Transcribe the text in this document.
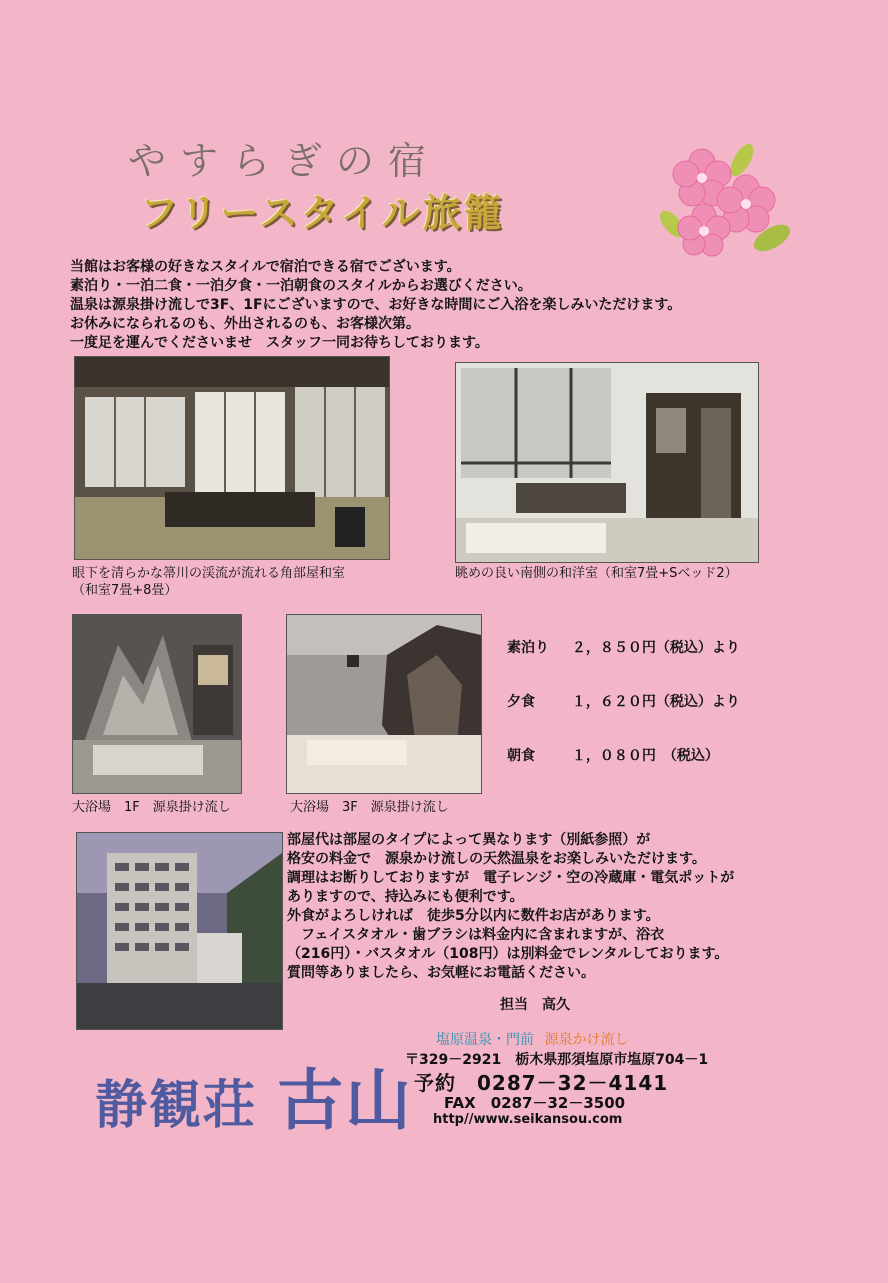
やすらぎの宿
フリースタイル旅籠
当館はお客様の好きなスタイルで宿泊できる宿でございます。
素泊り・一泊二食・一泊夕食・一泊朝食のスタイルからお選びください。
温泉は源泉掛け流しで3F、1Fにございますので、お好きな時間にご入浴を楽しみいただけます。
お休みになられるのも、外出されるのも、お客様次第。
一度足を運んでくださいませ　スタッフ一同お待ちしております。
眼下を清らかな箒川の渓流が流れる角部屋和室
（和室7畳+8畳）
眺めの良い南側の和洋室（和室7畳+Sベッド2）
大浴場　1F　源泉掛け流し	大浴場　3F　源泉掛け流し
素泊り ２，８５０円（税込）より
夕食	１，６２０円（税込）より
朝食	１，０８０円　（税込）
部屋代は部屋のタイプによって異なります（別紙参照）が
格安の料金で　源泉かけ流しの天然温泉をお楽しみいただけます。
調理はお断りしておりますが　電子レンジ・空の冷蔵庫・電気ポットが
ありますので、持込みにも便利です。
外食がよろしければ　徒歩5分以内に数件お店があります。
　フェイスタオル・歯ブラシは料金内に含まれますが、浴衣
（216円）・バスタオル（108円）は別料金でレンタルしております。
質問等ありましたら、お気軽にお電話ください。
担当　高久
塩原温泉・門前 源泉かけ流し
〒329－2921　栃木県那須塩原市塩原704－1
予約　0287－32－4141
FAX　0287－32－3500
http//www.seikansou.com
静観荘 古山
